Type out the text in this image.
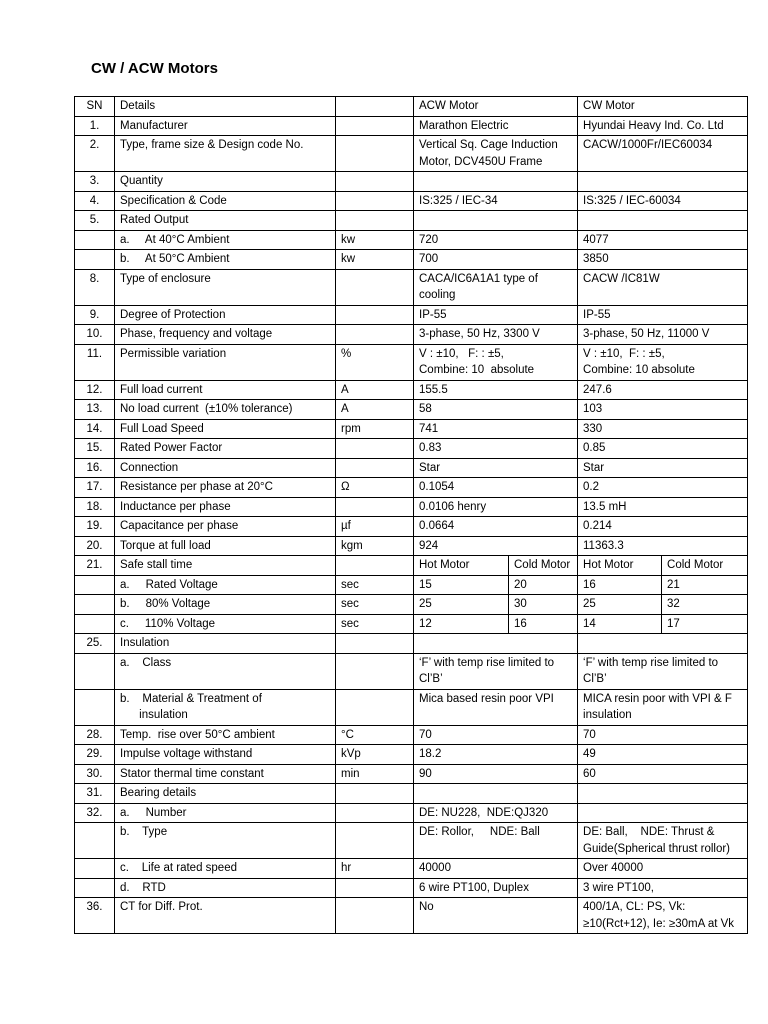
CW / ACW Motors
SN	Details		ACW Motor		CW Motor	
1.	Manufacturer		Marathon Electric		Hyundai Heavy Ind. Co. Ltd	
2.	Type, frame size & Design code No.		Vertical Sq. Cage Induction Motor, DCV450U Frame		CACW/1000Fr/IEC60034	
3.	Quantity					
4.	Specification & Code		IS:325 / IEC-34		IS:325 / IEC-60034	
5.	Rated Output					
	a.     At 40°C Ambient	kw	720		4077	
	b.     At 50°C Ambient	kw	700		3850	
8.	Type of enclosure		CACA/IC6A1A1 type of cooling		CACW /IC81W	
9.	Degree of Protection		IP-55		IP-55	
10.	Phase, frequency and voltage		3-phase, 50 Hz, 3300 V		3-phase, 50 Hz, 11000 V	
11.	Permissible variation	%	V : ±10,   F: : ±5,
Combine: 10  absolute		V : ±10,  F: : ±5,
Combine: 10 absolute	
12.	Full load current	A	155.5		247.6	
13.	No load current  (±10% tolerance)	A	58		103	
14.	Full Load Speed	rpm	741		330	
15.	Rated Power Factor		0.83		0.85	
16.	Connection		Star		Star	
17.	Resistance per phase at 20°C	Ω	0.1054		0.2	
18.	Inductance per phase		0.0106 henry		13.5 mH	
19.	Capacitance per phase	µf	0.0664		0.214	
20.	Torque at full load	kgm	924		11363.3	
21.	Safe stall time		Hot Motor	Cold Motor	Hot Motor	Cold Motor
	a.     Rated Voltage	sec	15	20	16	21
	b.     80% Voltage	sec	25	30	25	32
	c.     110% Voltage	sec	12	16	14	17
25.	Insulation					
	a.    Class		‘F’ with temp rise limited to Cl’B’		‘F’ with temp rise limited to Cl’B’	
	b.    Material & Treatment of
insulation		Mica based resin poor VPI		MICA resin poor with VPI & F insulation	
28.	Temp.  rise over 50°C ambient	°C	70		70	
29.	Impulse voltage withstand	kVp	18.2		49	
30.	Stator thermal time constant	min	90		60	
31.	Bearing details					
32.	a.     Number		DE: NU228,  NDE:QJ320			
	b.    Type		DE: Rollor,     NDE: Ball		DE: Ball,    NDE: Thrust & Guide(Spherical thrust rollor)	
	c.    Life at rated speed	hr	40000		Over 40000	
	d.    RTD		6 wire PT100, Duplex		3 wire PT100,	
36.	CT for Diff. Prot.		No		400/1A, CL: PS, Vk: ≥10(Rct+12), Ie: ≥30mA at Vk	
